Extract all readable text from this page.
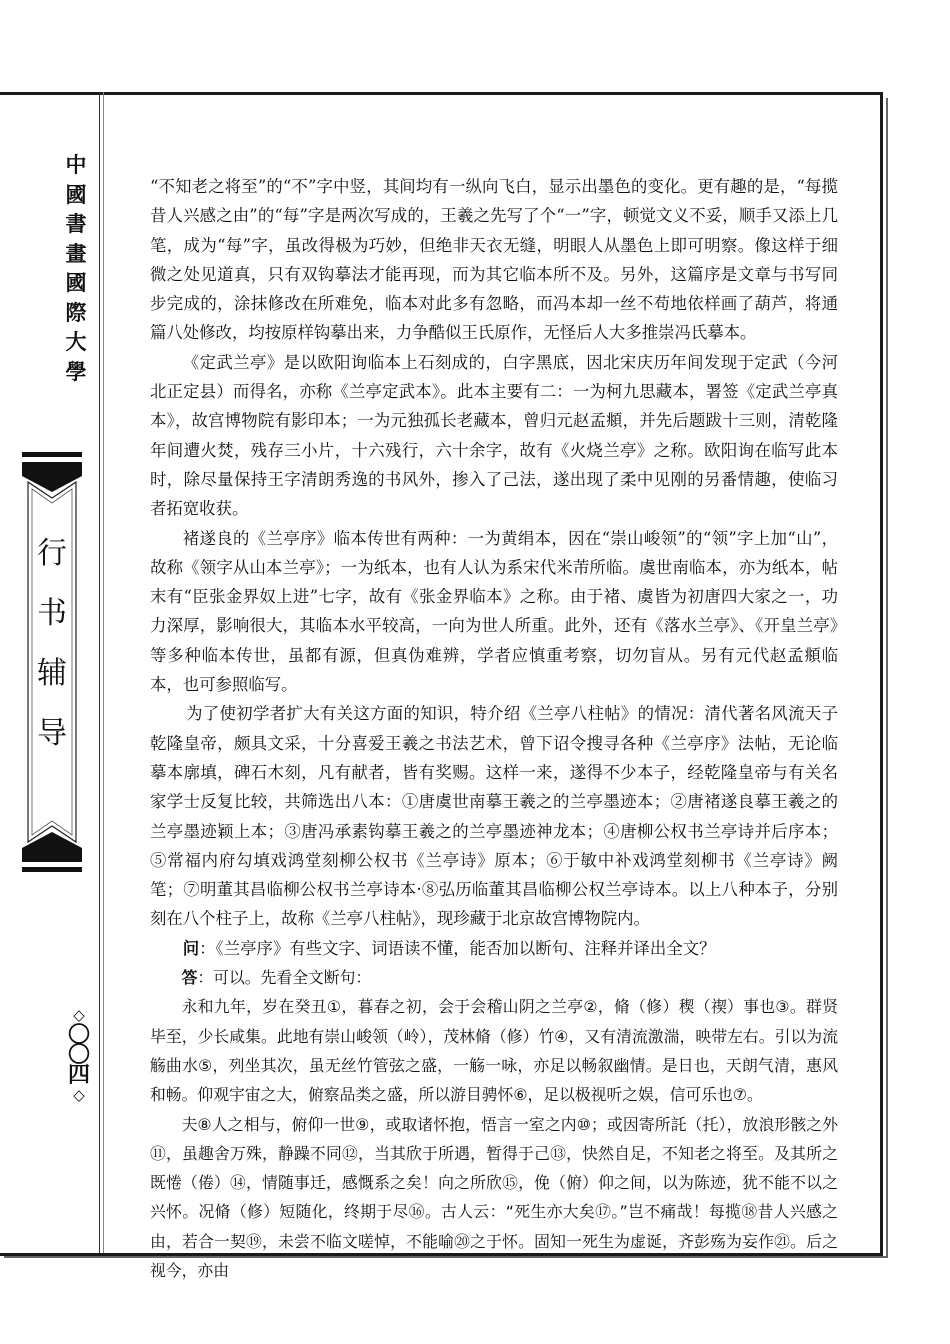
中
國
書
畫
國
際
大
學
行
书
辅
导
◇
〇
〇
四
◇

“不知老之将至”的“不”字中竖，其间均有一纵向飞白，显示出墨色的变化。更有趣的是，“每揽昔人兴感之由”的“每”字是两次写成的，王羲之先写了个“一”字，顿觉文义不妥，顺手又添上几笔，成为“每”字，虽改得极为巧妙，但绝非天衣无缝，明眼人从墨色上即可明察。像这样于细微之处见道真，只有双钩摹法才能再现，而为其它临本所不及。另外，这篇序是文章与书写同步完成的，涂抹修改在所难免，临本对此多有忽略，而冯本却一丝不苟地依样画了葫芦，将通篇八处修改，均按原样钩摹出来，力争酷似王氏原作，无怪后人大多推崇冯氏摹本。

《定武兰亭》是以欧阳询临本上石刻成的，白字黑底，因北宋庆历年间发现于定武（今河北正定县）而得名，亦称《兰亭定武本》。此本主要有二：一为柯九思藏本，署签《定武兰亭真本》，故宫博物院有影印本；一为元独孤长老藏本，曾归元赵孟頫，并先后题跋十三则，清乾隆年间遭火焚，残存三小片，十六残行，六十余字，故有《火烧兰亭》之称。欧阳询在临写此本时，除尽量保持王字清朗秀逸的书风外，掺入了己法，遂出现了柔中见刚的另番情趣，使临习者拓宽收获。

褚遂良的《兰亭序》临本传世有两种：一为黄绢本，因在“崇山峻领”的“领”字上加“山”，故称《领字从山本兰亭》；一为纸本，也有人认为系宋代米芾所临。虞世南临本，亦为纸本，帖末有“臣张金界奴上进”七字，故有《张金界临本》之称。由于褚、虞皆为初唐四大家之一，功力深厚，影响很大，其临本水平较高，一向为世人所重。此外，还有《落水兰亭》、《开皇兰亭》等多种临本传世，虽都有源，但真伪难辨，学者应慎重考察，切勿盲从。另有元代赵孟頫临本，也可参照临写。

为了使初学者扩大有关这方面的知识，特介绍《兰亭八柱帖》的情况：清代著名风流天子乾隆皇帝，颇具文采，十分喜爱王羲之书法艺术，曾下诏令搜寻各种《兰亭序》法帖，无论临摹本廓填，碑石木刻，凡有献者，皆有奖赐。这样一来，遂得不少本子，经乾隆皇帝与有关名家学士反复比较，共筛选出八本：①唐虞世南摹王羲之的兰亭墨迹本；②唐褚遂良摹王羲之的兰亭墨迹颖上本；③唐冯承素钩摹王羲之的兰亭墨迹神龙本；④唐柳公权书兰亭诗并后序本；⑤常福内府勾填戏鸿堂刻柳公权书《兰亭诗》原本；⑥于敏中补戏鸿堂刻柳书《兰亭诗》阙笔；⑦明董其昌临柳公权书兰亭诗本·⑧弘历临董其昌临柳公权兰亭诗本。以上八种本子，分别刻在八个柱子上，故称《兰亭八柱帖》，现珍藏于北京故宫博物院内。

问：《兰亭序》有些文字、词语读不懂，能否加以断句、注释并译出全文？

答：可以。先看全文断句：

永和九年，岁在癸丑①，暮春之初，会于会稽山阴之兰亭②，脩（修）稧（禊）事也③。群贤毕至，少长咸集。此地有崇山峻领（岭），茂林脩（修）竹④，又有清流激湍，映带左右。引以为流觞曲水⑤，列坐其次，虽无丝竹管弦之盛，一觞一咏，亦足以畅叙幽情。是日也，天朗气清，惠风和畅。仰观宇宙之大，俯察品类之盛，所以游目骋怀⑥，足以极视听之娱，信可乐也⑦。

夫⑧人之相与，俯仰一世⑨，或取诸怀抱，悟言一室之内⑩；或因寄所託（托），放浪形骸之外⑪，虽趣舍万殊，静躁不同⑫，当其欣于所遇，暂得于己⑬，快然自足，不知老之将至。及其所之既惓（倦）⑭，情随事迁，感慨系之矣！向之所欣⑮，俛（俯）仰之间，以为陈迹，犹不能不以之兴怀。况脩（修）短随化，终期于尽⑯。古人云：“死生亦大矣⑰。”岂不痛哉！每揽⑱昔人兴感之由，若合一契⑲，未尝不临文嗟悼，不能喻⑳之于怀。固知一死生为虚诞，齐彭殇为妄作㉑。后之视今，亦由
